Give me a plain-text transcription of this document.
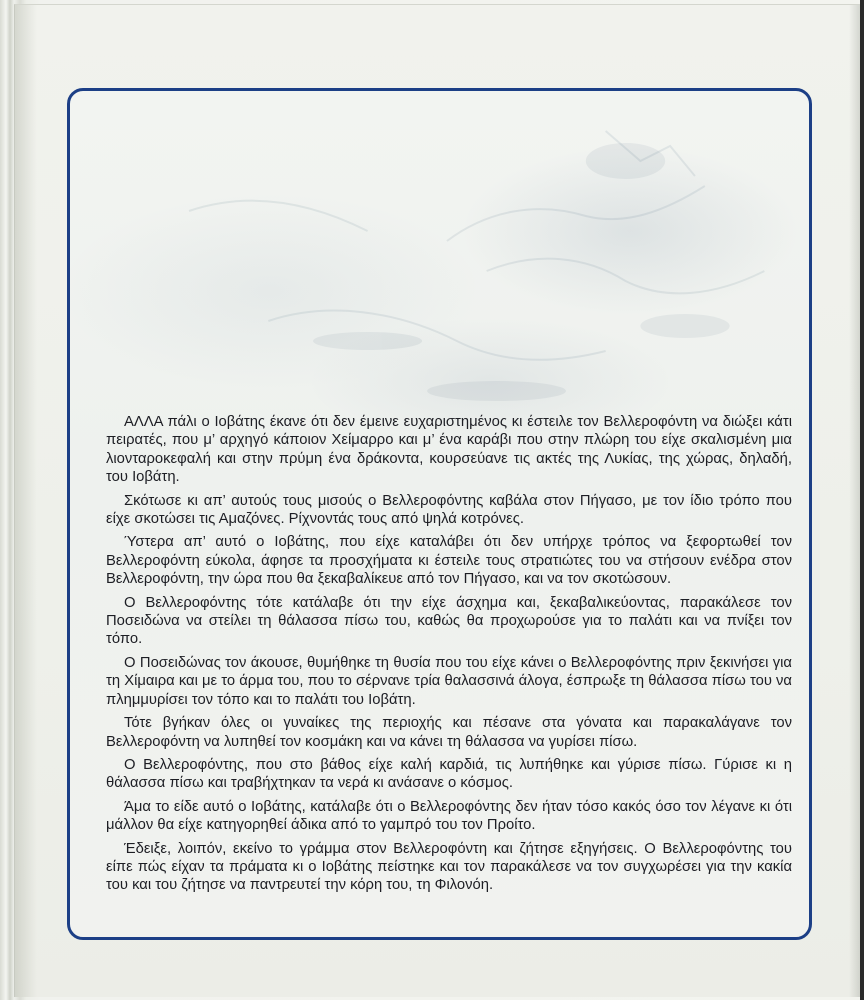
ΑΛΛΑ πάλι ο Ιοβάτης έκανε ότι δεν έμεινε ευχαριστημένος κι έστειλε τον Βελλεροφόντη να διώξει κάτι πειρατές, που μ’ αρχηγό κάποιον Χείμαρρο και μ’ ένα καράβι που στην πλώρη του είχε σκαλισμένη μια λιονταροκεφαλή και στην πρύμη ένα δράκοντα, κουρσεύανε τις ακτές της Λυκίας, της χώρας, δηλαδή, του Ιοβάτη.

Σκότωσε κι απ’ αυτούς τους μισούς ο Βελλεροφόντης καβάλα στον Πήγασο, με τον ίδιο τρόπο που είχε σκοτώσει τις Αμαζόνες. Ρίχνοντάς τους από ψηλά κοτρόνες.

Ύστερα απ’ αυτό ο Ιοβάτης, που είχε καταλάβει ότι δεν υπήρχε τρόπος να ξεφορτωθεί τον Βελλεροφόντη εύκολα, άφησε τα προσχήματα κι έστειλε τους στρατιώτες του να στήσουν ενέδρα στον Βελλεροφόντη, την ώρα που θα ξεκαβαλίκευε από τον Πήγασο, και να τον σκοτώσουν.

Ο Βελλεροφόντης τότε κατάλαβε ότι την είχε άσχημα και, ξεκαβαλικεύοντας, παρακάλεσε τον Ποσειδώνα να στείλει τη θάλασσα πίσω του, καθώς θα προχωρούσε για το παλάτι και να πνίξει τον τόπο.

Ο Ποσειδώνας τον άκουσε, θυμήθηκε τη θυσία που του είχε κάνει ο Βελλεροφόντης πριν ξεκινήσει για τη Χίμαιρα και με το άρμα του, που το σέρνανε τρία θαλασσινά άλογα, έσπρωξε τη θάλασσα πίσω του να πλημμυρίσει τον τόπο και το παλάτι του Ιοβάτη.

Τότε βγήκαν όλες οι γυναίκες της περιοχής και πέσανε στα γόνατα και παρακαλάγανε τον Βελλεροφόντη να λυπηθεί τον κοσμάκη και να κάνει τη θάλασσα να γυρίσει πίσω.

Ο Βελλεροφόντης, που στο βάθος είχε καλή καρδιά, τις λυπήθηκε και γύρισε πίσω. Γύρισε κι η θάλασσα πίσω και τραβήχτηκαν τα νερά κι ανάσανε ο κόσμος.

Άμα το είδε αυτό ο Ιοβάτης, κατάλαβε ότι ο Βελλεροφόντης δεν ήταν τόσο κακός όσο τον λέγανε κι ότι μάλλον θα είχε κατηγορηθεί άδικα από το γαμπρό του τον Προίτο.

Έδειξε, λοιπόν, εκείνο το γράμμα στον Βελλεροφόντη και ζήτησε εξηγήσεις. Ο Βελλεροφόντης του είπε πώς είχαν τα πράματα κι ο Ιοβάτης πείστηκε και τον παρακάλεσε να τον συγχωρέσει για την κακία του και του ζήτησε να παντρευτεί την κόρη του, τη Φιλονόη.
